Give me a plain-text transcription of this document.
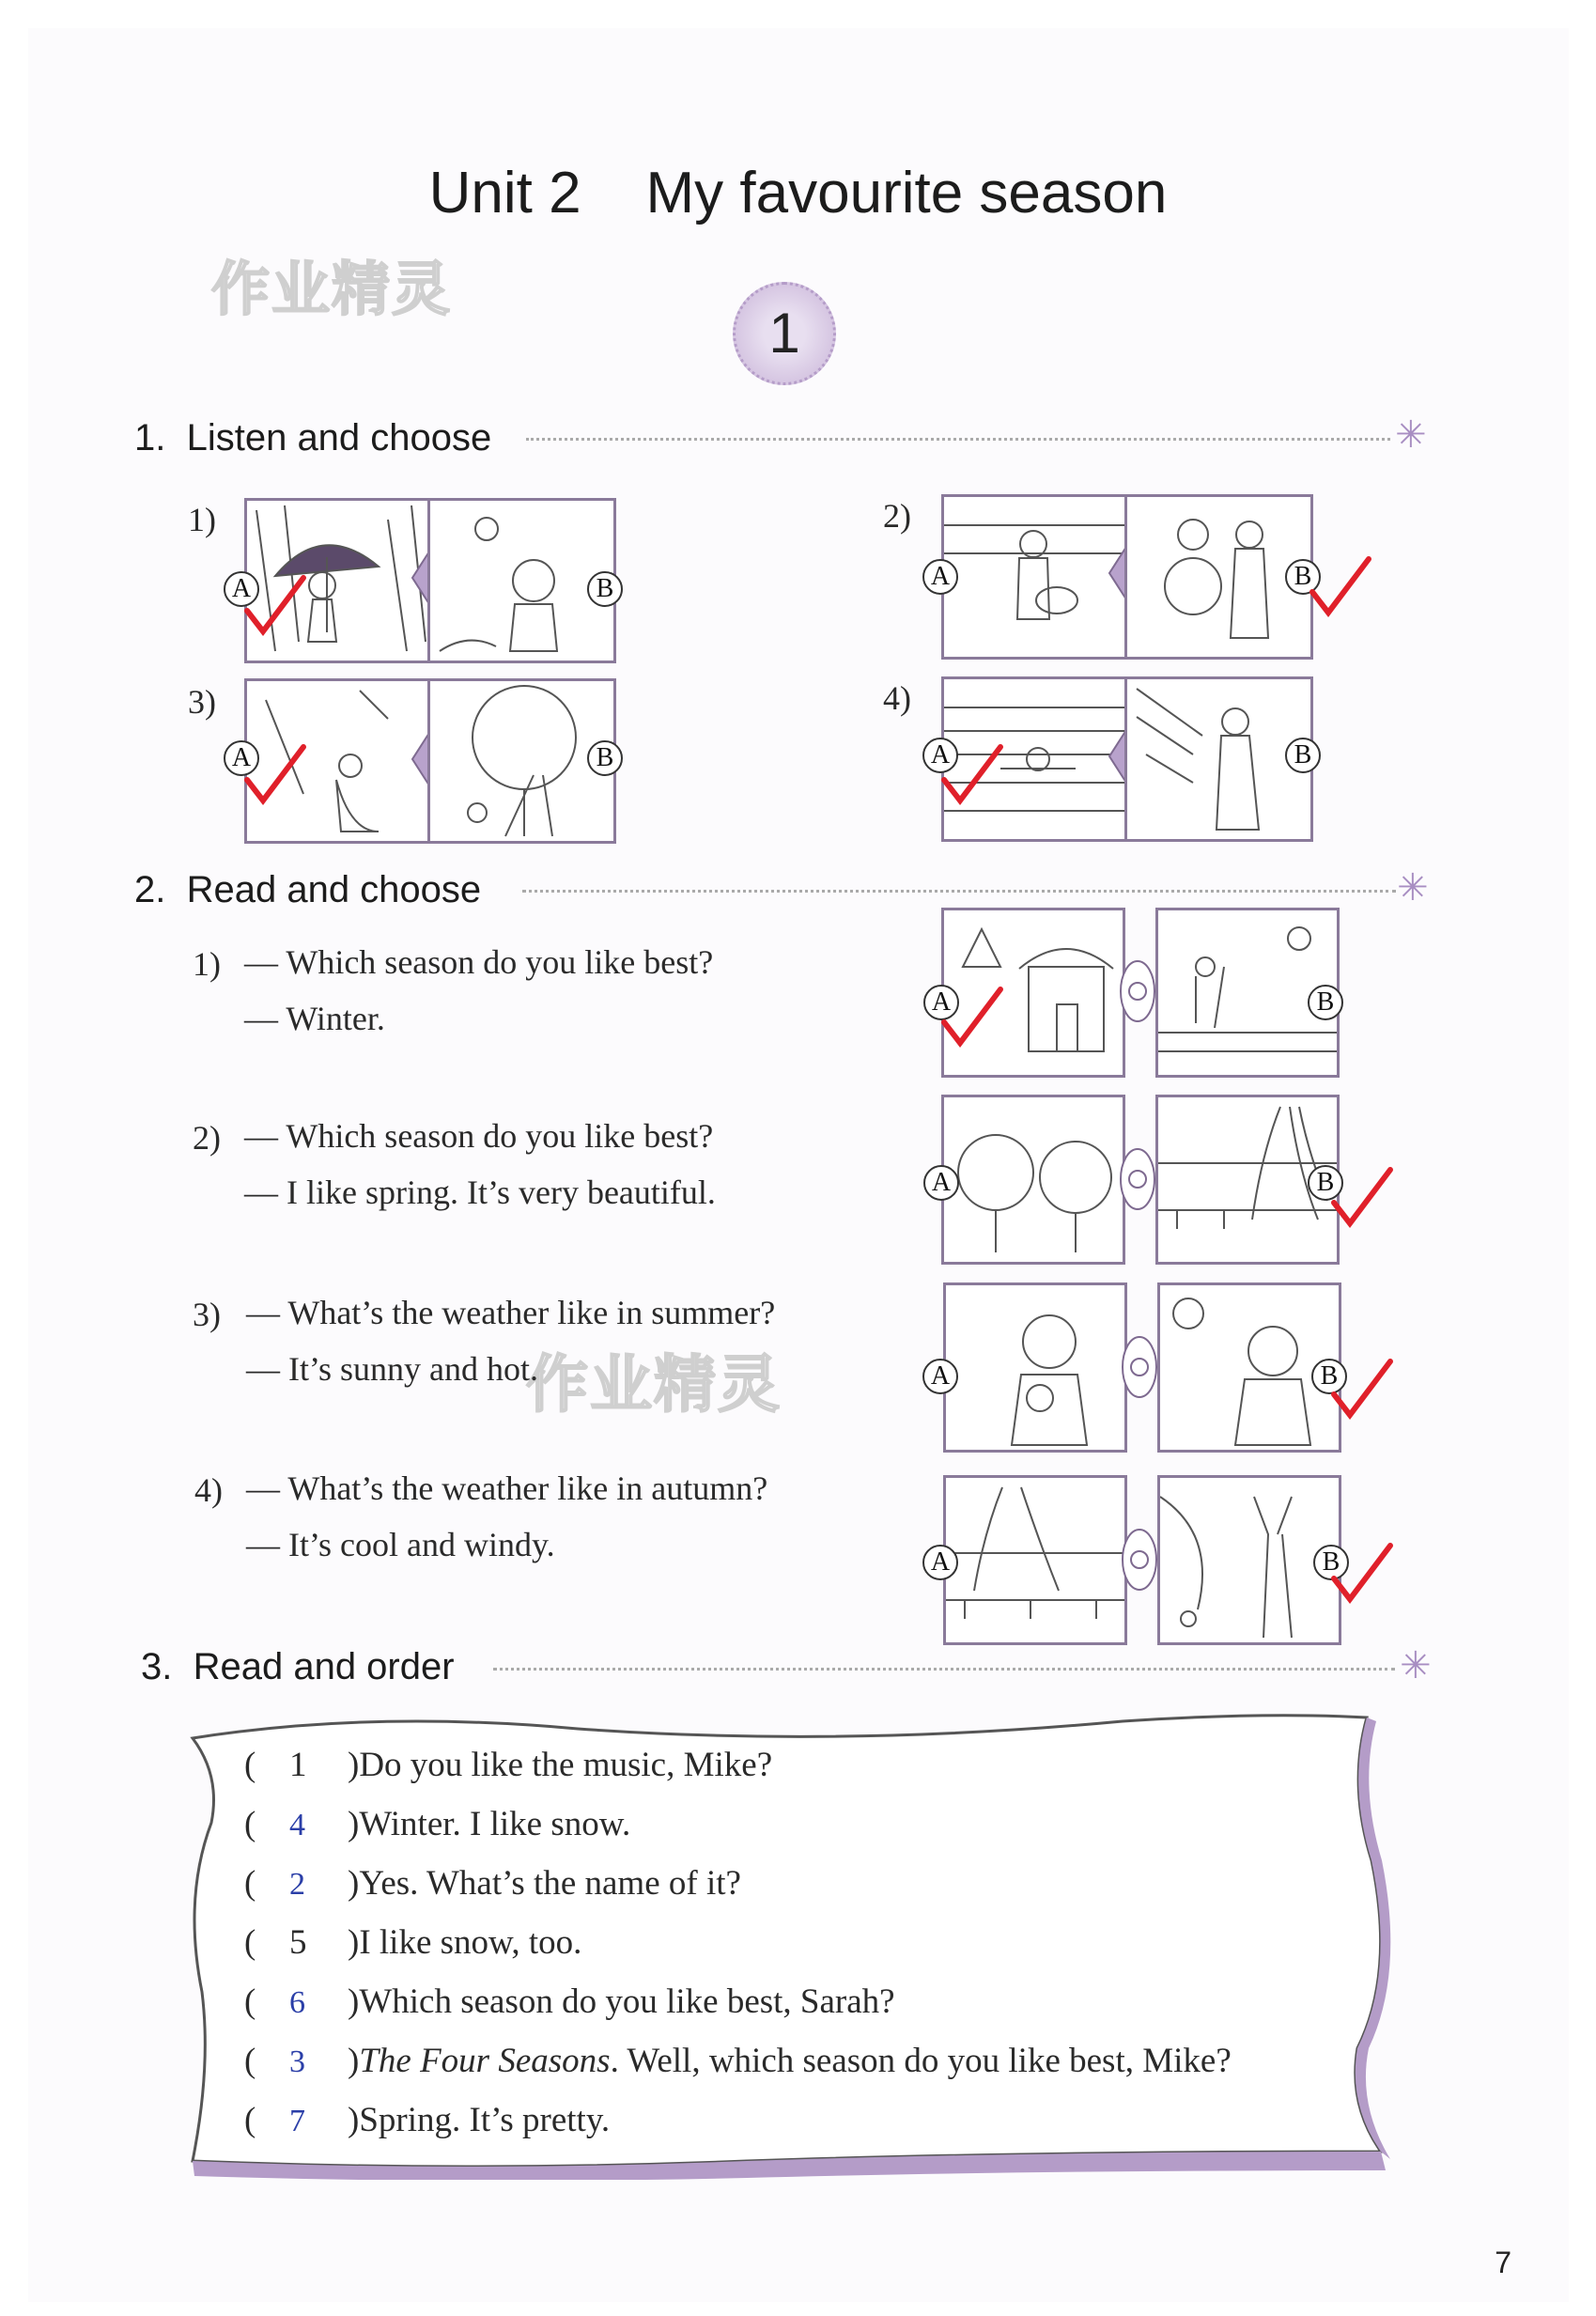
作业精灵
作业精灵
Unit 2    My favourite season
1
1.  Listen and choose	✳
1)
A	B
2)
A	B
3)
A	B
4)
A	B
2.  Read and choose	✳
1) — Which season do you like best?
— Winter.	A	B
2) — Which season do you like best?
— I like spring. It’s very beautiful.	A	B
3) — What’s the weather like in summer?
— It’s sunny and hot.	A	B
4) — What’s the weather like in autumn?
— It’s cool and windy.	A	B
3.  Read and order	✳
( 1 )Do you like the music, Mike?
( 4 )Winter. I like snow.
( 2 )Yes. What’s the name of it?
( 5 )I like snow, too.
( 6 )Which season do you like best, Sarah?
( 3 )The Four Seasons. Well, which season do you like best, Mike?
( 7 )Spring. It’s pretty.
7
